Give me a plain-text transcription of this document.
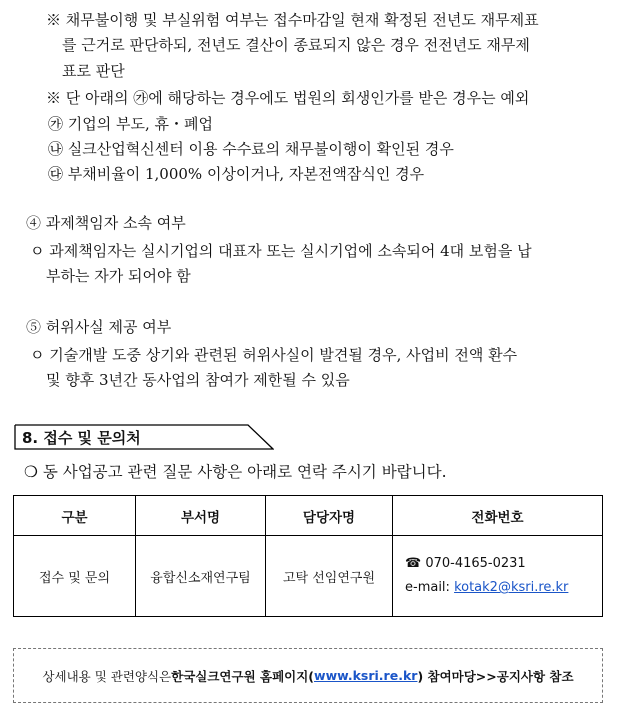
※ 채무불이행 및 부실위험 여부는 접수마감일 현재 확정된 전년도 재무제표
를 근거로 판단하되, 전년도 결산이 종료되지 않은 경우 전전년도 재무제
표로 판단
※ 단 아래의 ㉮에 해당하는 경우에도 법원의 회생인가를 받은 경우는 예외
㉮ 기업의 부도, 휴・폐업
㉯ 실크산업혁신센터 이용 수수료의 채무불이행이 확인된 경우
㉰ 부채비율이 1,000% 이상이거나, 자본전액잠식인 경우
④ 과제책임자 소속 여부
ㅇ 과제책임자는 실시기업의 대표자 또는 실시기업에 소속되어 4대 보험을 납
부하는 자가 되어야 함
⑤ 허위사실 제공 여부
ㅇ 기술개발 도중 상기와 관련된 허위사실이 발견될 경우, 사업비 전액 환수
및 향후 3년간 동사업의 참여가 제한될 수 있음
8. 접수 및 문의처
❍ 동 사업공고 관련 질문 사항은 아래로 연락 주시기 바랍니다.
구분	부서명	담당자명	전화번호
접수 및 문의	융합신소재연구팀	고탁 선임연구원	☎ 070-4165-0231
e-mail: kotak2@ksri.re.kr
상세내용 및 관련양식은 한국실크연구원 홈페이지( www.ksri.re.kr ) 참여마당>>공지사항 참조
